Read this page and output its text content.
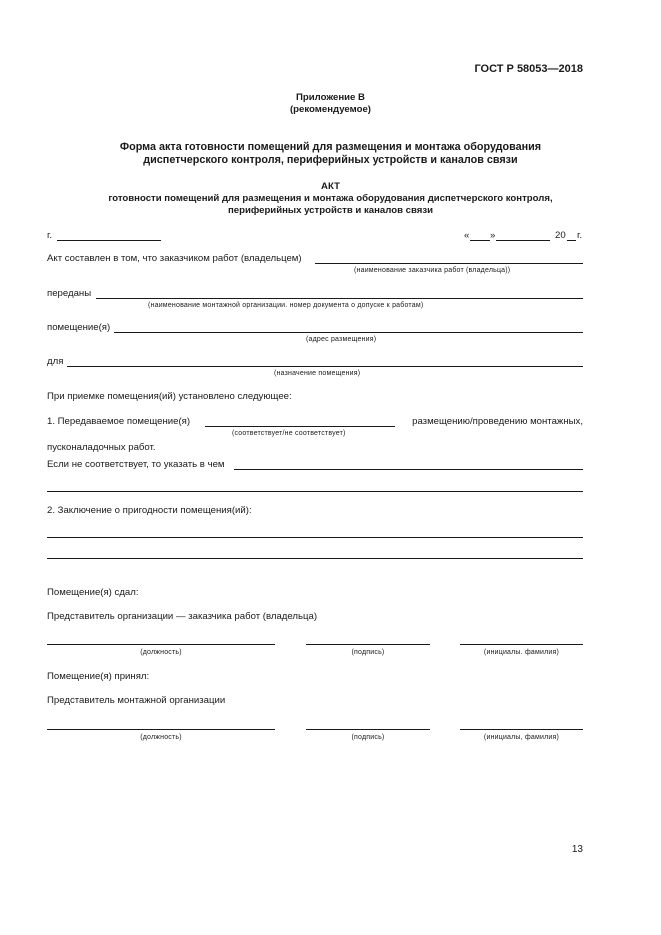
ГОСТ Р 58053—2018
Приложение В
(рекомендуемое)
Форма акта готовности помещений для размещения и монтажа оборудования
диспетчерского контроля, периферийных устройств и каналов связи
АКТ
готовности помещений для размещения и монтажа оборудования диспетчерского контроля,
периферийных устройств и каналов связи
г.	« »	20 г.
Акт составлен в том, что заказчиком работ (владельцем)
(наименование заказчика работ (владельца))
переданы
(наименование монтажной организации. номер документа о допуске к работам)
помещение(я)
(адрес размещения)
для
(назначение помещения)
При приемке помещения(ий) установлено следующее:
1. Передаваемое помещение(я)	размещению/проведению монтажных,
(соответствует/не соответствует)
пусконаладочных работ.
Если не соответствует, то указать в чем
2. Заключение о пригодности помещения(ий):
Помещение(я) сдал:
Представитель организации — заказчика работ (владельца)
(должность)	(подпись)	(инициалы. фамилия)
Помещение(я) принял:
Представитель монтажной организации
(должность)	(подпись)	(инициалы, фамилия)
13
